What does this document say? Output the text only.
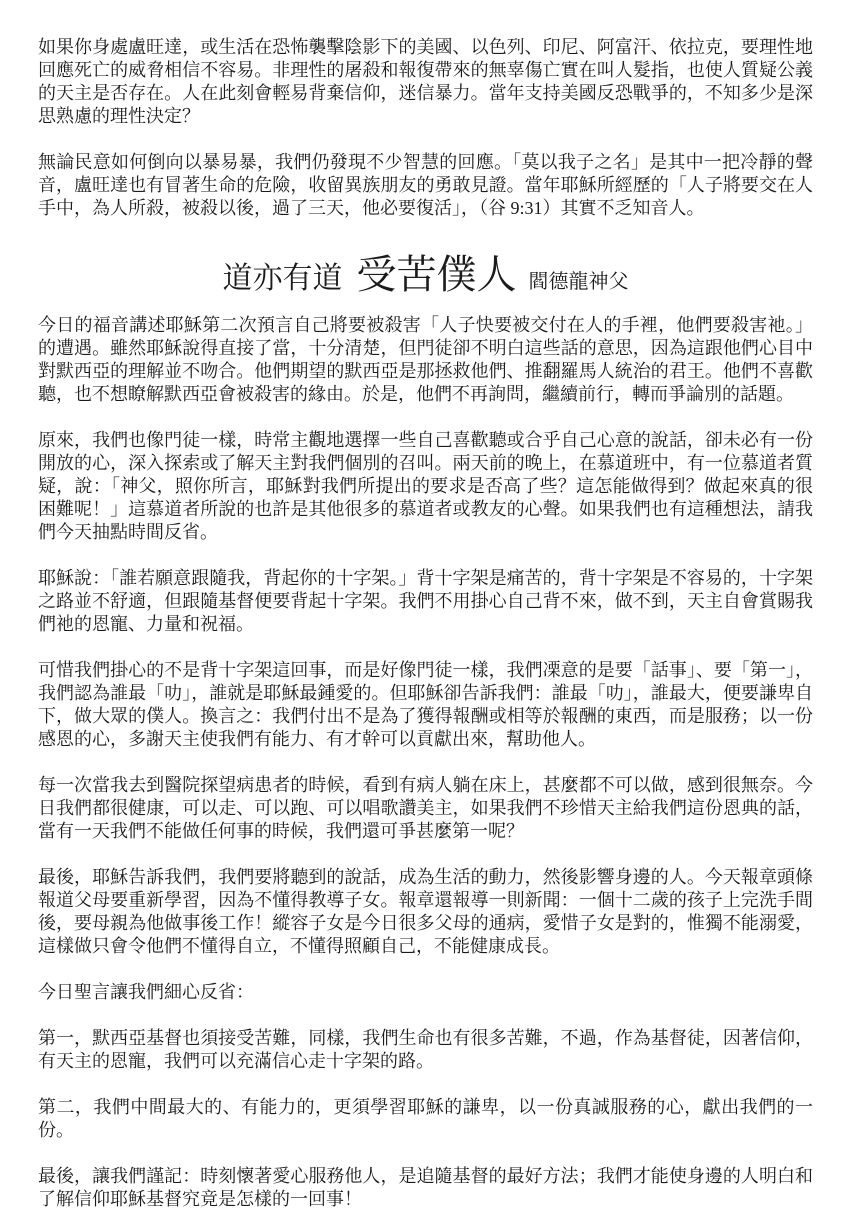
如果你身處盧旺達，或生活在恐怖襲擊陰影下的美國、以色列、印尼、阿富汗、依拉克，要理性地回應死亡的威脅相信不容易。非理性的屠殺和報復帶來的無辜傷亡實在叫人髮指，也使人質疑公義的天主是否存在。人在此刻會輕易背棄信仰，迷信暴力。當年支持美國反恐戰爭的，不知多少是深思熟慮的理性決定？

無論民意如何倒向以暴易暴，我們仍發現不少智慧的回應。「莫以我子之名」是其中一把冷靜的聲音，盧旺達也有冒著生命的危險，收留異族朋友的勇敢見證。當年耶穌所經歷的「人子將要交在人手中，為人所殺，被殺以後，過了三天，他必要復活」，（谷 9:31）其實不乏知音人。

道亦有道 受苦僕人 閻德龍神父

今日的福音講述耶穌第二次預言自己將要被殺害「人子快要被交付在人的手裡，他們要殺害祂。」的遭遇。雖然耶穌說得直接了當，十分清楚，但門徒卻不明白這些話的意思，因為這跟他們心目中對默西亞的理解並不吻合。他們期望的默西亞是那拯救他們、推翻羅馬人統治的君王。他們不喜歡聽，也不想瞭解默西亞會被殺害的緣由。於是，他們不再詢問，繼續前行，轉而爭論別的話題。

原來，我們也像門徒一樣，時常主觀地選擇一些自己喜歡聽或合乎自己心意的說話，卻未必有一份開放的心，深入探索或了解天主對我們個別的召叫。兩天前的晚上，在慕道班中，有一位慕道者質疑，說：「神父，照你所言，耶穌對我們所提出的要求是否高了些？這怎能做得到？做起來真的很困難呢！」這慕道者所說的也許是其他很多的慕道者或教友的心聲。如果我們也有這種想法，請我們今天抽點時間反省。

耶穌說：「誰若願意跟隨我，背起你的十字架。」背十字架是痛苦的，背十字架是不容易的，十字架之路並不舒適，但跟隨基督便要背起十字架。我們不用掛心自己背不來，做不到，天主自會賞賜我們祂的恩寵、力量和祝福。

可惜我們掛心的不是背十字架這回事，而是好像門徒一樣，我們凓意的是要「話事」、要「第一」，我們認為誰最「叻」，誰就是耶穌最鍾愛的。但耶穌卻告訴我們：誰最「叻」，誰最大，便要謙卑自下，做大眾的僕人。換言之：我們付出不是為了獲得報酬或相等於報酬的東西，而是服務；以一份感恩的心，多謝天主使我們有能力、有才幹可以貢獻出來，幫助他人。

每一次當我去到醫院探望病患者的時候，看到有病人躺在床上，甚麼都不可以做，感到很無奈。今日我們都很健康，可以走、可以跑、可以唱歌讚美主，如果我們不珍惜天主給我們這份恩典的話，當有一天我們不能做任何事的時候，我們還可爭甚麼第一呢？

最後，耶穌告訴我們，我們要將聽到的說話，成為生活的動力，然後影響身邊的人。今天報章頭條報道父母要重新學習，因為不懂得教導子女。報章還報導一則新聞：一個十二歲的孩子上完洗手間後，要母親為他做事後工作！縱容子女是今日很多父母的通病，愛惜子女是對的，惟獨不能溺愛，這樣做只會令他們不懂得自立，不懂得照顧自己，不能健康成長。

今日聖言讓我們細心反省：

第一，默西亞基督也須接受苦難，同樣，我們生命也有很多苦難，不過，作為基督徒，因著信仰，有天主的恩寵，我們可以充滿信心走十字架的路。

第二，我們中間最大的、有能力的，更須學習耶穌的謙卑，以一份真誠服務的心，獻出我們的一份。

最後，讓我們謹記：時刻懷著愛心服務他人，是追隨基督的最好方法；我們才能使身邊的人明白和了解信仰耶穌基督究竟是怎樣的一回事！
